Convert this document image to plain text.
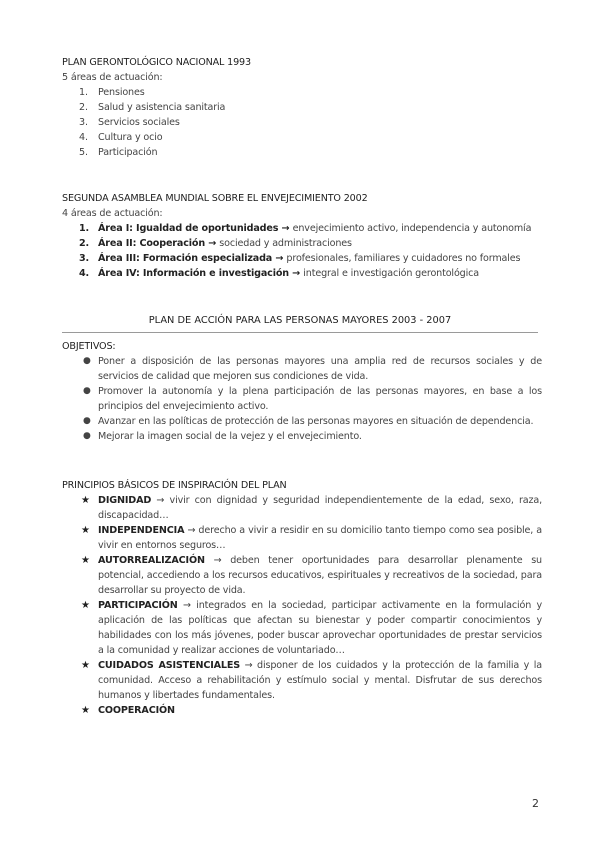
PLAN GERONTOLÓGICO NACIONAL 1993
5 áreas de actuación:
1. Pensiones
2. Salud y asistencia sanitaria
3. Servicios sociales
4. Cultura y ocio
5. Participación
SEGUNDA ASAMBLEA MUNDIAL SOBRE EL ENVEJECIMIENTO 2002
4 áreas de actuación:
1. Área I: Igualdad de oportunidades → envejecimiento activo, independencia y autonomía
2. Área II: Cooperación → sociedad y administraciones
3. Área III: Formación especializada → profesionales, familiares y cuidadores no formales
4. Área IV: Información e investigación → integral e investigación gerontológica
PLAN DE ACCIÓN PARA LAS PERSONAS MAYORES 2003 - 2007
OBJETIVOS:
● Poner a disposición de las personas mayores una amplia red de recursos sociales y de servicios de calidad que mejoren sus condiciones de vida.
● Promover la autonomía y la plena participación de las personas mayores, en base a los principios del envejecimiento activo.
● Avanzar en las políticas de protección de las personas mayores en situación de dependencia.
● Mejorar la imagen social de la vejez y el envejecimiento.
PRINCIPIOS BÁSICOS DE INSPIRACIÓN DEL PLAN
★ DIGNIDAD → vivir con dignidad y seguridad independientemente de la edad, sexo, raza, discapacidad…
★ INDEPENDENCIA → derecho a vivir a residir en su domicilio tanto tiempo como sea posible, a vivir en entornos seguros…
★ AUTORREALIZACIÓN → deben tener oportunidades para desarrollar plenamente su potencial, accediendo a los recursos educativos, espirituales y recreativos de la sociedad, para desarrollar su proyecto de vida.
★ PARTICIPACIÓN → integrados en la sociedad, participar activamente en la formulación y aplicación de las políticas que afectan su bienestar y poder compartir conocimientos y habilidades con los más jóvenes, poder buscar aprovechar oportunidades de prestar servicios a la comunidad y realizar acciones de voluntariado…
★ CUIDADOS ASISTENCIALES → disponer de los cuidados y la protección de la familia y la comunidad. Acceso a rehabilitación y estímulo social y mental. Disfrutar de sus derechos humanos y libertades fundamentales.
★ COOPERACIÓN
2
